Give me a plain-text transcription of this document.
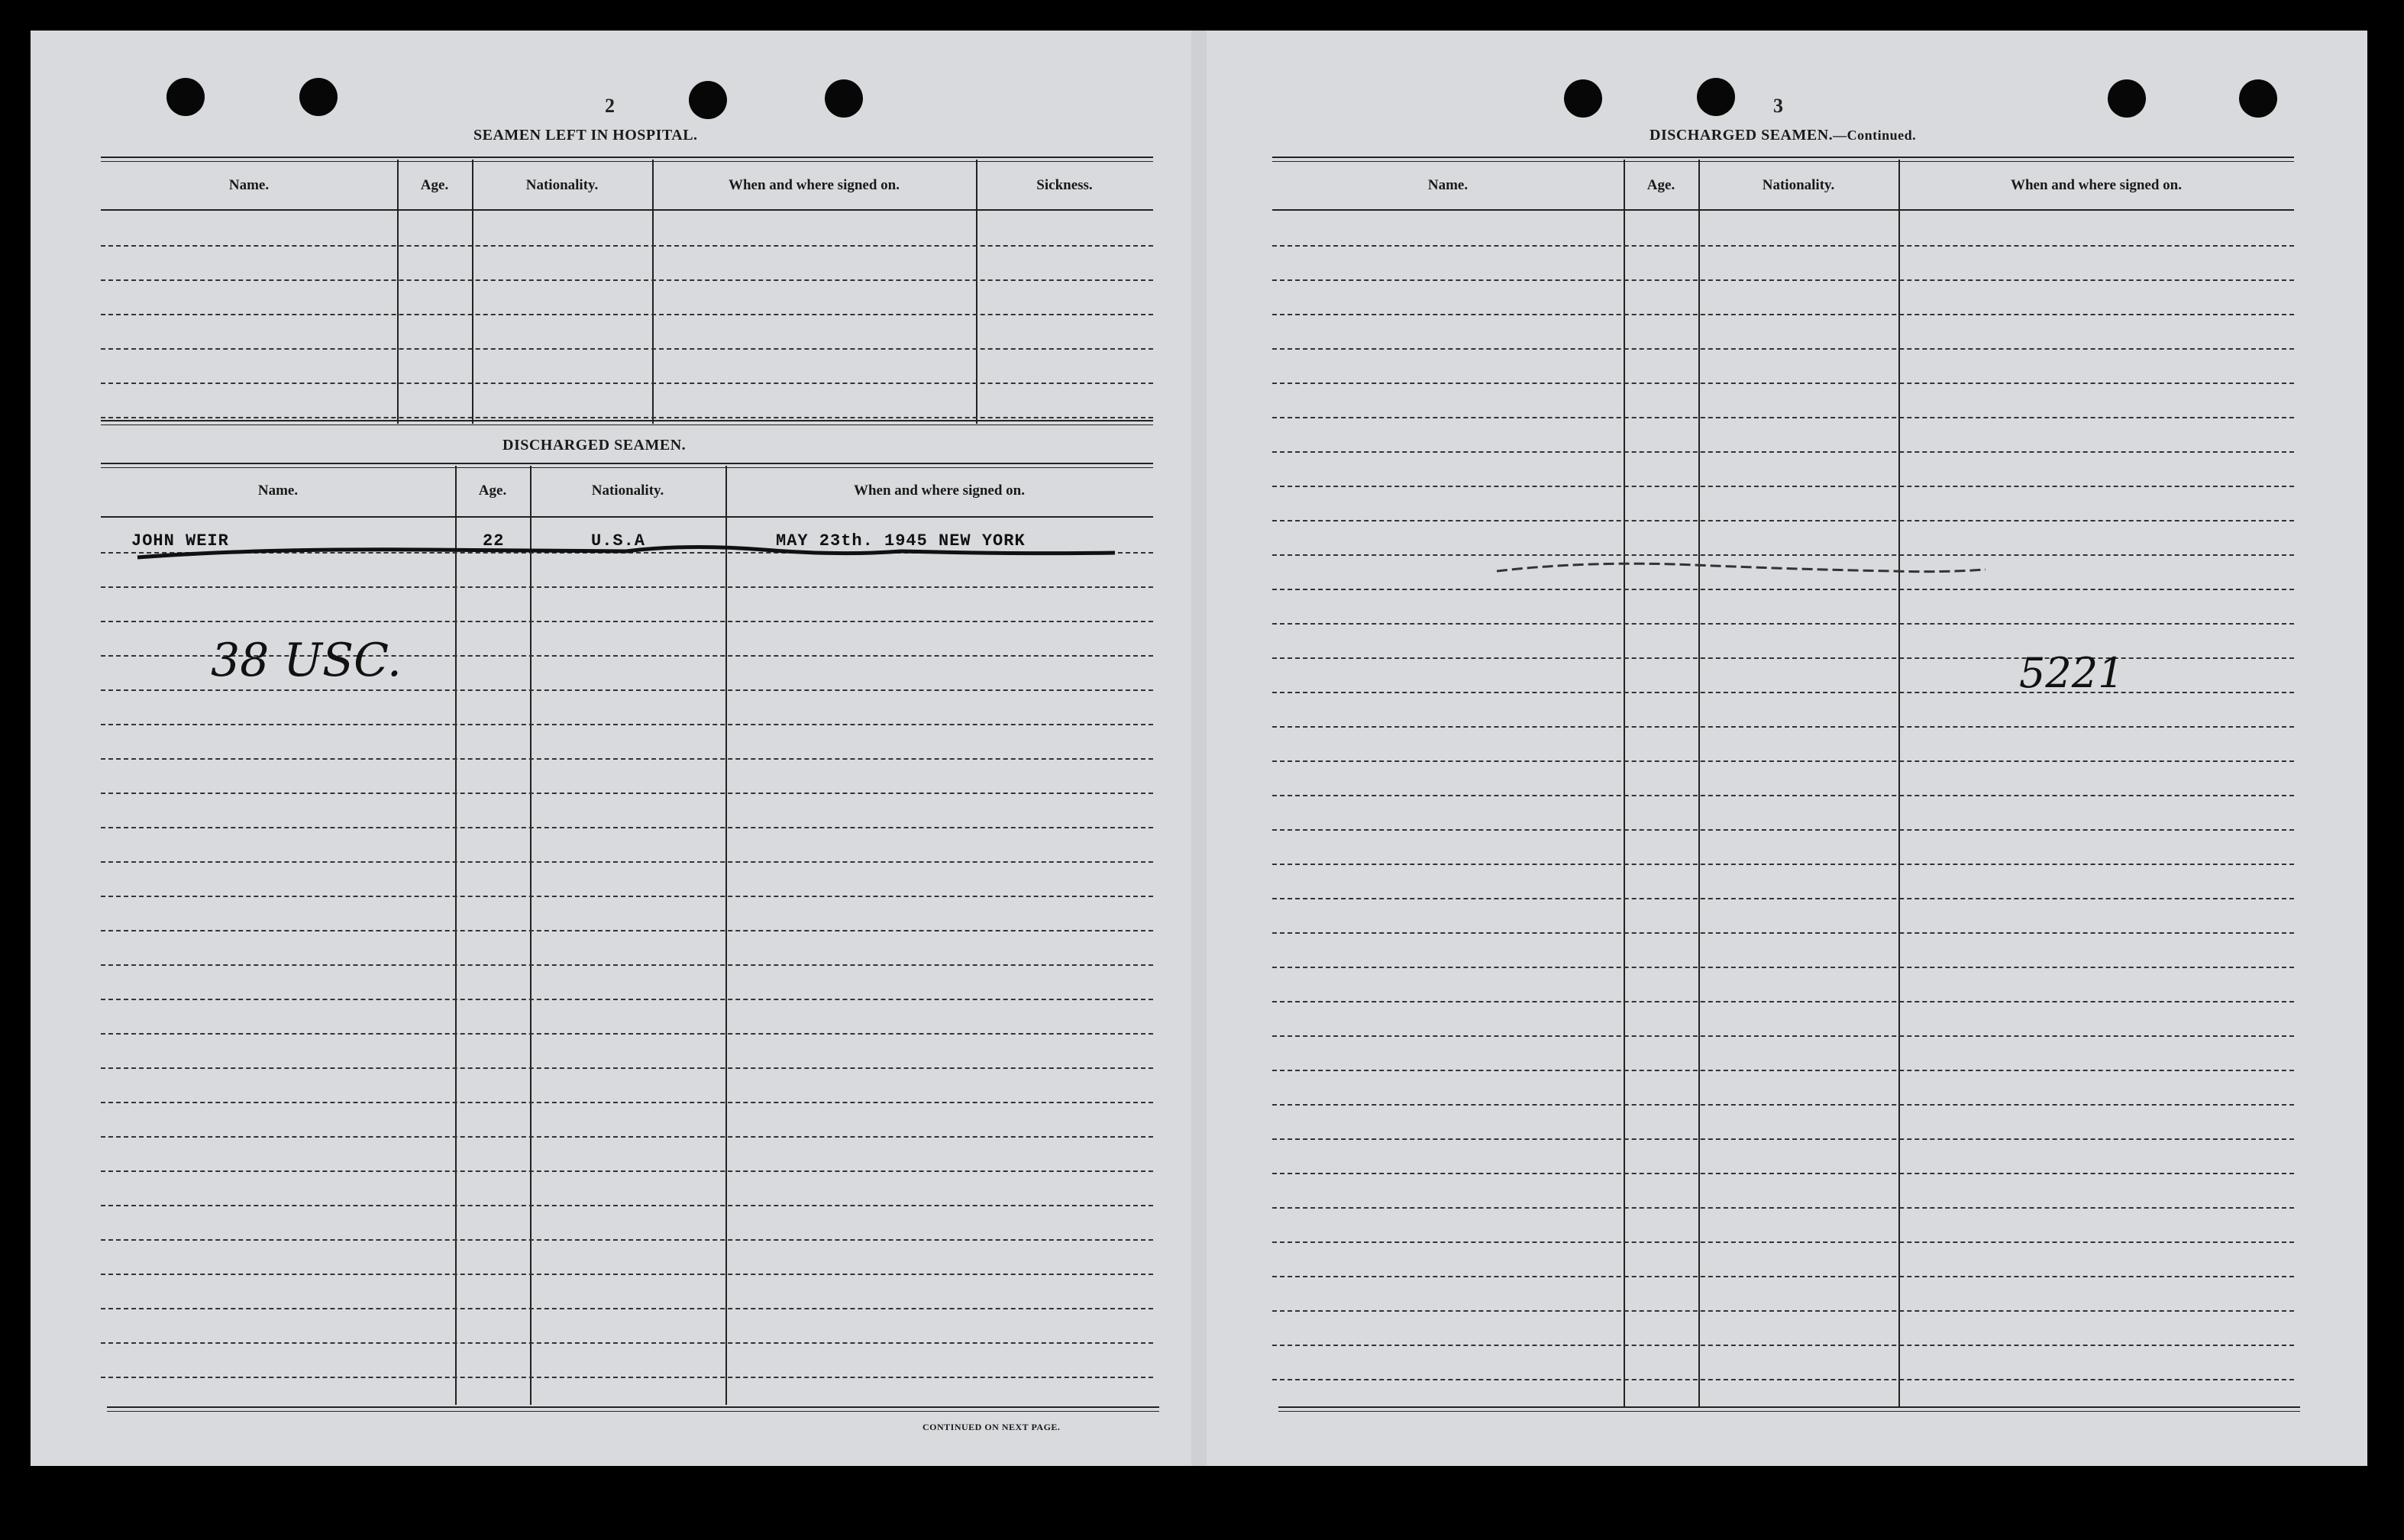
2
SEAMEN LEFT IN HOSPITAL.
Name.	Age.	Nationality.	When and where signed on.	Sickness.
DISCHARGED SEAMEN.
Name.	Age.	Nationality.	When and where signed on.
JOHN WEIR	22	U.S.A	MAY 23th. 1945 NEW YORK
38 USC.
CONTINUED ON NEXT PAGE.
3
DISCHARGED SEAMEN.—Continued.
Name.	Age.	Nationality.	When and where signed on.
5221
